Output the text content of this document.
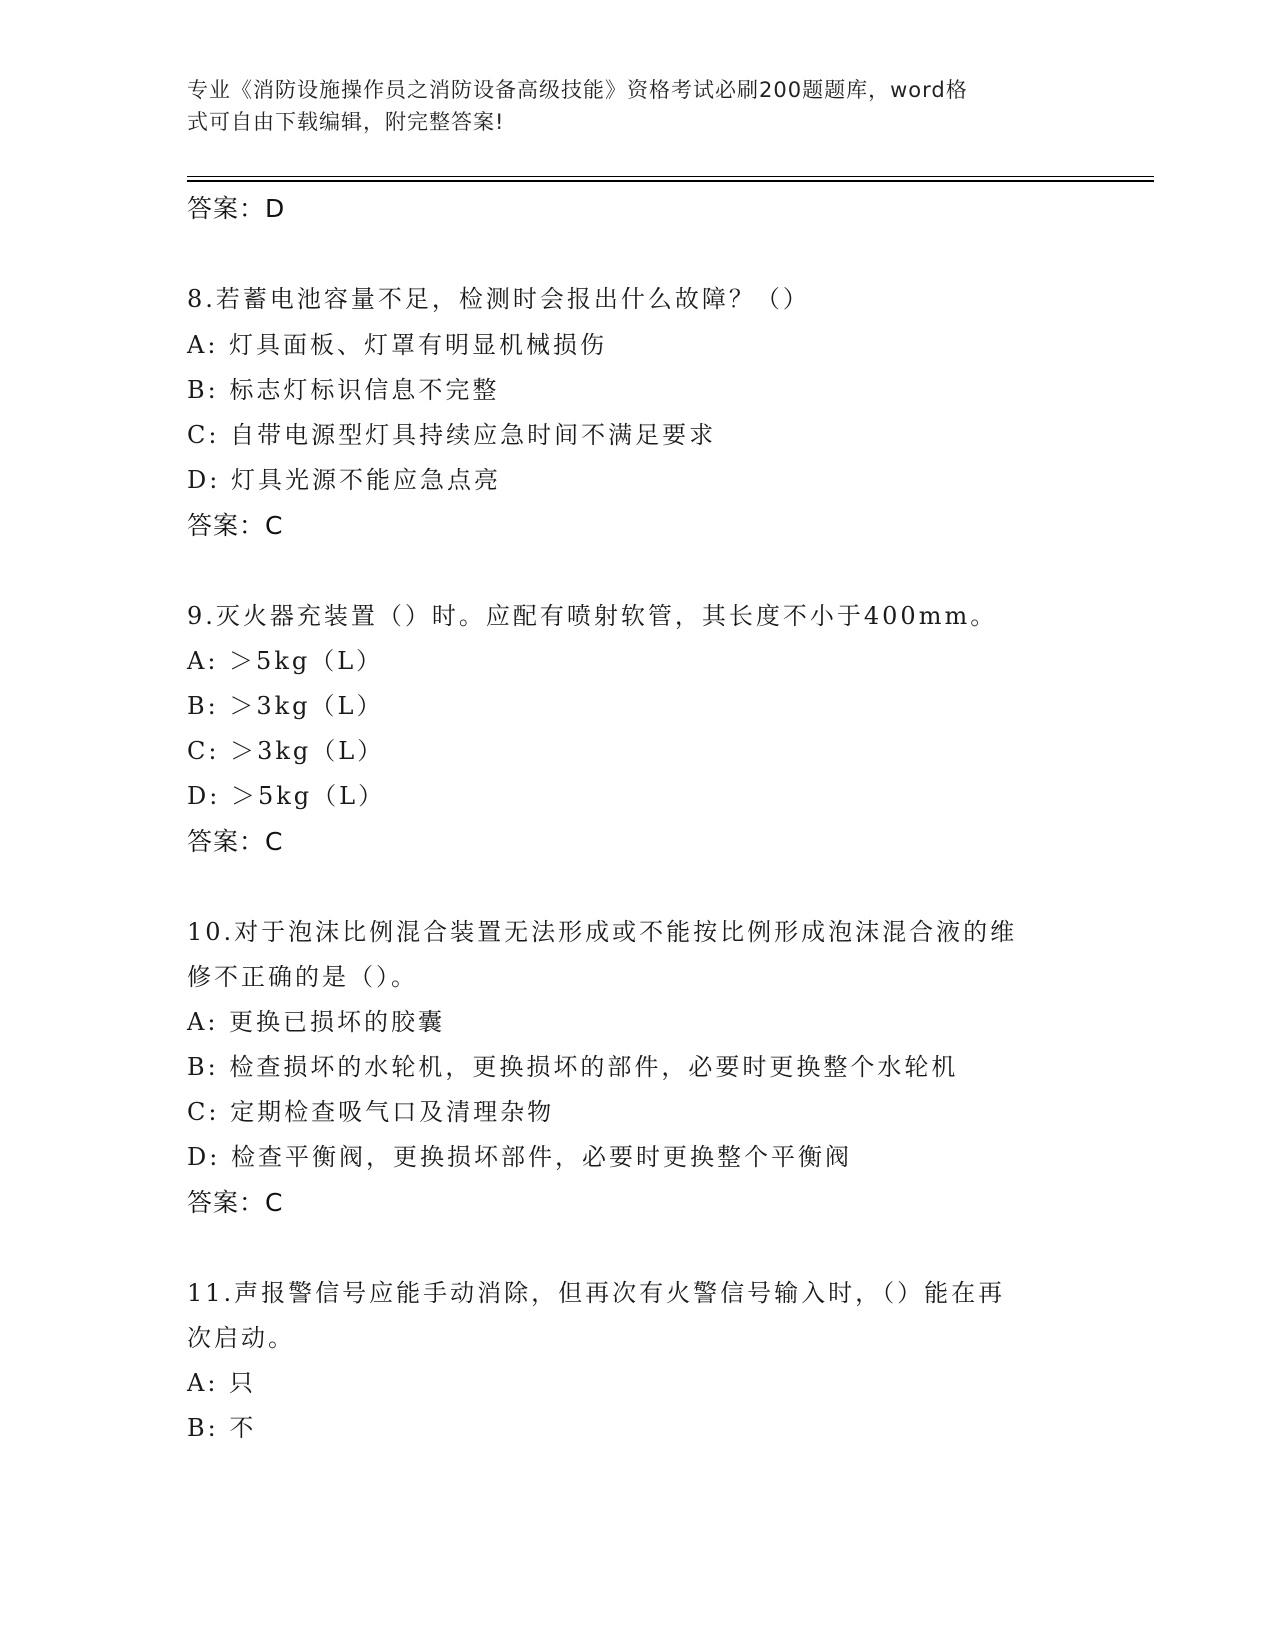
专业《消防设施操作员之消防设备高级技能》资格考试必刷200题题库，word格
式可自由下载编辑，附完整答案!
答案：D
8.若蓄电池容量不足，检测时会报出什么故障？（）
A: 灯具面板、灯罩有明显机械损伤
B: 标志灯标识信息不完整
C: 自带电源型灯具持续应急时间不满足要求
D: 灯具光源不能应急点亮
答案：C
9.灭火器充装置（）时。应配有喷射软管，其长度不小于400mm。
A: ＞5kg（L）
B: ＞3kg（L）
C: ＞3kg（L）
D: ＞5kg（L）
答案：C
10.对于泡沫比例混合装置无法形成或不能按比例形成泡沫混合液的维
修不正确的是（）。
A: 更换已损坏的胶囊
B: 检查损坏的水轮机，更换损坏的部件，必要时更换整个水轮机
C: 定期检查吸气口及清理杂物
D: 检查平衡阀，更换损坏部件，必要时更换整个平衡阀
答案：C
11.声报警信号应能手动消除，但再次有火警信号输入时，（）能在再
次启动。
A: 只
B: 不
